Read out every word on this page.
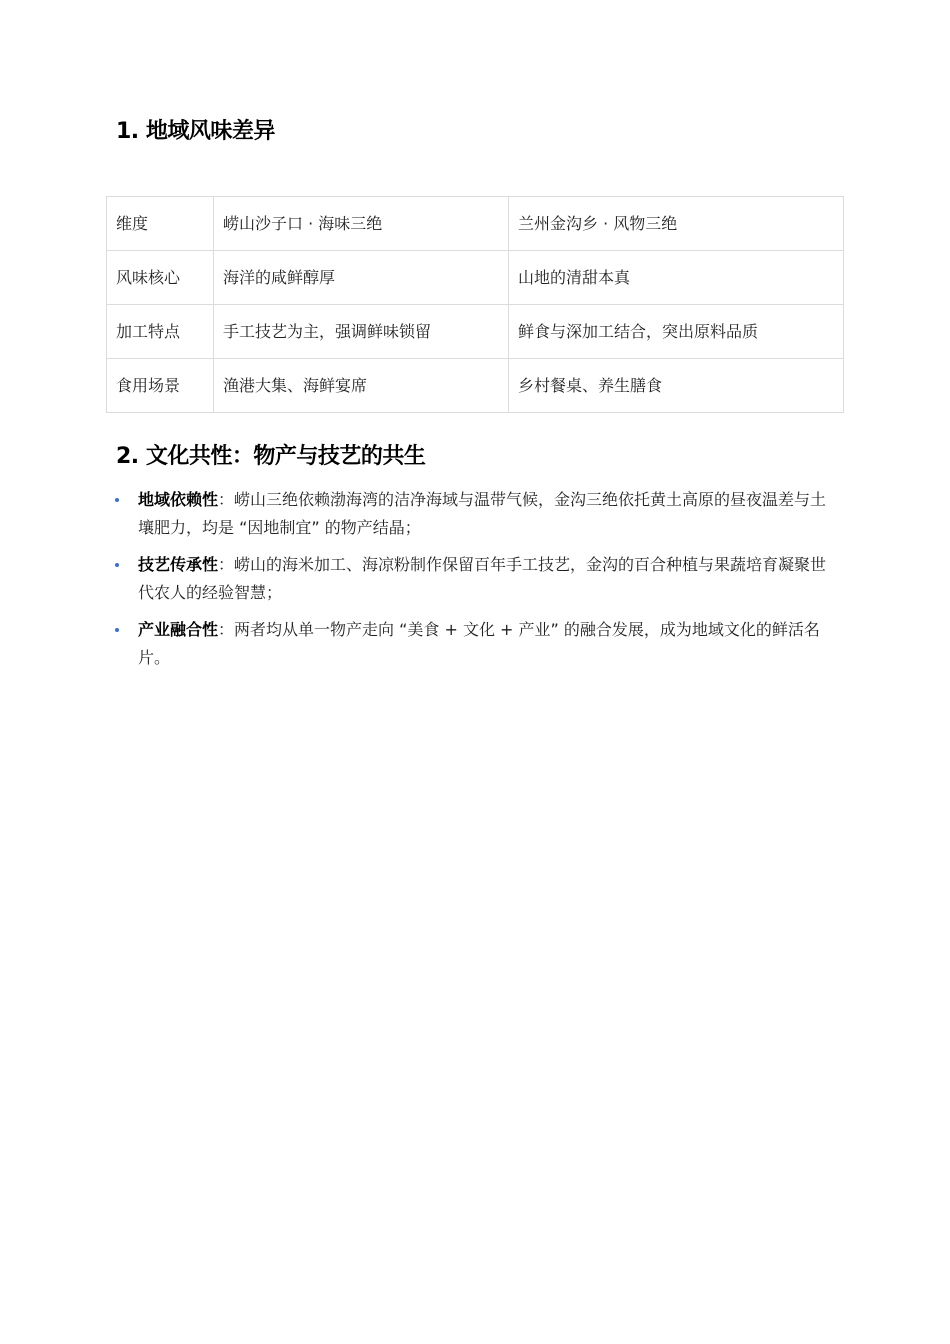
1. 地域风味差异
维度	崂山沙子口 · 海味三绝	兰州金沟乡 · 风物三绝
风味核心	海洋的咸鲜醇厚	山地的清甜本真
加工特点	手工技艺为主，强调鲜味锁留	鲜食与深加工结合，突出原料品质
食用场景	渔港大集、海鲜宴席	乡村餐桌、养生膳食
2. 文化共性：物产与技艺的共生
地域依赖性：崂山三绝依赖渤海湾的洁净海域与温带气候，金沟三绝依托黄土高原的昼夜温差与土壤肥力，均是 “因地制宜” 的物产结晶；
技艺传承性：崂山的海米加工、海凉粉制作保留百年手工技艺，金沟的百合种植与果蔬培育凝聚世代农人的经验智慧；
产业融合性：两者均从单一物产走向 “美食 + 文化 + 产业” 的融合发展，成为地域文化的鲜活名片。
